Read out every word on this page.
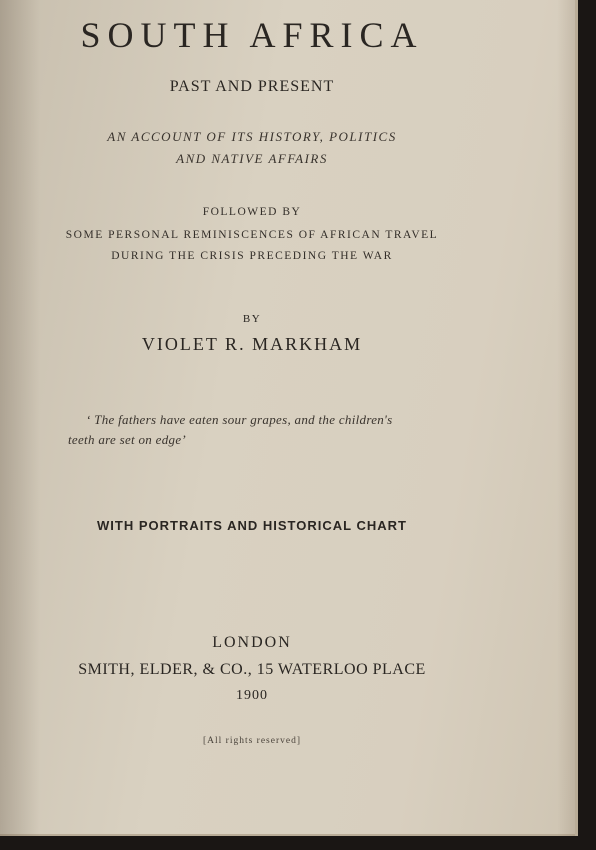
SOUTH AFRICA
PAST AND PRESENT
AN ACCOUNT OF ITS HISTORY, POLITICS
AND NATIVE AFFAIRS
FOLLOWED BY
SOME PERSONAL REMINISCENCES OF AFRICAN TRAVEL
DURING THE CRISIS PRECEDING THE WAR
BY
VIOLET R. MARKHAM
‘ The fathers have eaten sour grapes, and the children's
teeth are set on edge’
WITH PORTRAITS AND HISTORICAL CHART
LONDON
SMITH, ELDER, & CO., 15 WATERLOO PLACE
1900
[All rights reserved]
